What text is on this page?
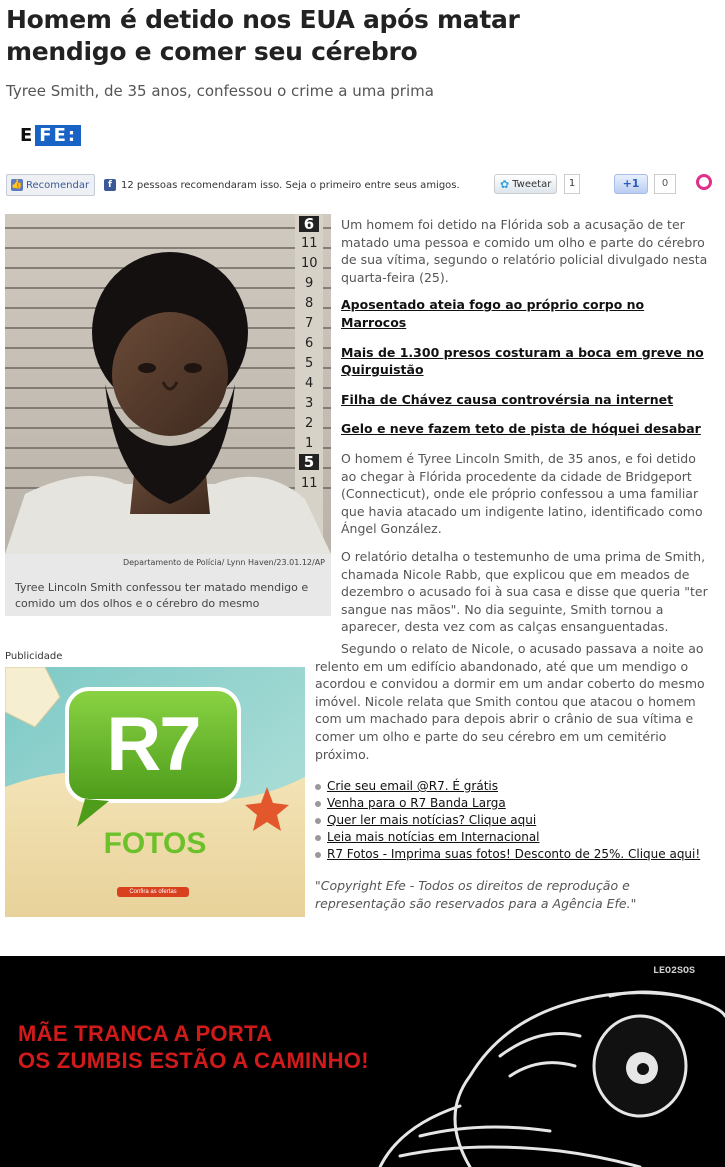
Homem é detido nos EUA após matar mendigo e comer seu cérebro
Tyree Smith, de 35 anos, confessou o crime a uma prima
E FE:
👍 Recomendar	f 12 pessoas recomendaram isso. Seja o primeiro entre seus amigos.	✿ Tweetar	1	+1	0
6
11
10
9
8
7
6
5
4
3
2
1
5
11
Departamento de Polícia/ Lynn Haven/23.01.12/AP
Tyree Lincoln Smith confessou ter matado mendigo e comido um dos olhos e o cérebro do mesmo

Um homem foi detido na Flórida sob a acusação de ter matado uma pessoa e comido um olho e parte do cérebro de sua vítima, segundo o relatório policial divulgado nesta quarta-feira (25).

Aposentado ateia fogo ao próprio corpo no Marrocos
Mais de 1.300 presos costuram a boca em greve no Quirguistão
Filha de Chávez causa controvérsia na internet
Gelo e neve fazem teto de pista de hóquei desabar

O homem é Tyree Lincoln Smith, de 35 anos, e foi detido ao chegar à Flórida procedente da cidade de Bridgeport (Connecticut), onde ele próprio confessou a uma familiar que havia atacado um indigente latino, identificado como Ángel González.

O relatório detalha o testemunho de uma prima de Smith, chamada Nicole Rabb, que explicou que em meados de dezembro o acusado foi à sua casa e disse que queria "ter sangue nas mãos". No dia seguinte, Smith tornou a aparecer, desta vez com as calças ensanguentadas.

Publicidade
R7
FOTOS
Confira as ofertas

Segundo o relato de Nicole, o acusado passava a noite ao relento em um edifício abandonado, até que um mendigo o acordou e convidou a dormir em um andar coberto do mesmo imóvel. Nicole relata que Smith contou que atacou o homem com um machado para depois abrir o crânio de sua vítima e comer um olho e parte do seu cérebro em um cemitério próximo.

Crie seu email @R7. É grátis
Venha para o R7 Banda Larga
Quer ler mais notícias? Clique aqui
Leia mais notícias em Internacional
R7 Fotos - Imprima suas fotos! Desconto de 25%. Clique aqui!
"Copyright Efe - Todos os direitos de reprodução e representação são reservados para a Agência Efe."
MÃE TRANCA A PORTA
OS ZUMBIS ESTÃO A CAMINHO!
LEO2SOS
